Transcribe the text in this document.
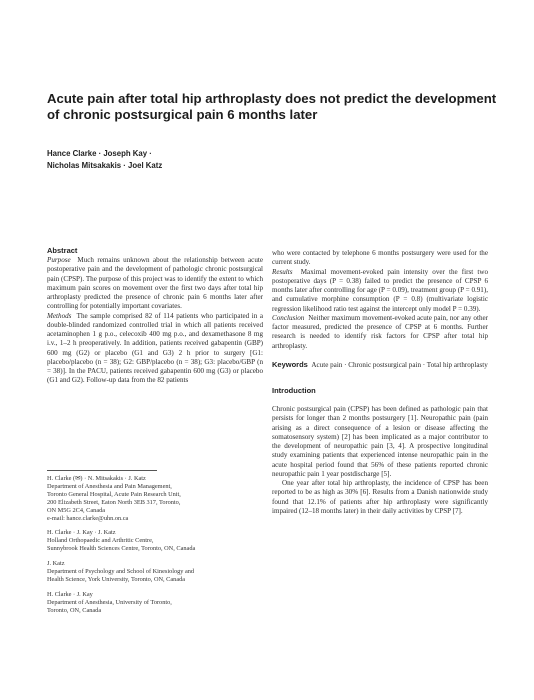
Acute pain after total hip arthroplasty does not predict the development of chronic postsurgical pain 6 months later
Hance Clarke · Joseph Kay ·
Nicholas Mitsakakis · Joel Katz
Abstract

Purpose Much remains unknown about the relationship between acute postoperative pain and the development of pathologic chronic postsurgical pain (CPSP). The purpose of this project was to identify the extent to which maximum pain scores on movement over the first two days after total hip arthroplasty predicted the presence of chronic pain 6 months later after controlling for potentially important covariates.

Methods The sample comprised 82 of 114 patients who participated in a double-blinded randomized controlled trial in which all patients received acetaminophen 1 g p.o., celecoxib 400 mg p.o., and dexamethasone 8 mg i.v., 1–2 h preoperatively. In addition, patients received gabapentin (GBP) 600 mg (G2) or placebo (G1 and G3) 2 h prior to surgery [G1: placebo/placebo (n = 38); G2: GBP/placebo (n = 38); G3: placebo/GBP (n = 38)]. In the PACU, patients received gabapentin 600 mg (G3) or placebo (G1 and G2). Follow-up data from the 82 patients

H. Clarke (✉) · N. Mitsakakis · J. Katz
Department of Anesthesia and Pain Management,
Toronto General Hospital, Acute Pain Research Unit,
200 Elizabeth Street, Eaton North 3EB 317, Toronto,
ON M5G 2C4, Canada
e-mail: hance.clarke@uhn.on.ca

H. Clarke · J. Kay · J. Katz
Holland Orthopaedic and Arthritic Centre,
Sunnybrook Health Sciences Centre, Toronto, ON, Canada

J. Katz
Department of Psychology and School of Kinesiology and
Health Science, York University, Toronto, ON, Canada

H. Clarke · J. Kay
Department of Anesthesia, University of Toronto,
Toronto, ON, Canada

who were contacted by telephone 6 months postsurgery were used for the current study.

Results Maximal movement-evoked pain intensity over the first two postoperative days (P = 0.38) failed to predict the presence of CPSP 6 months later after controlling for age (P = 0.09), treatment group (P = 0.91), and cumulative morphine consumption (P = 0.8) (multivariate logistic regression likelihood ratio test against the intercept only model P = 0.39).

Conclusion Neither maximum movement-evoked acute pain, nor any other factor measured, predicted the presence of CPSP at 6 months. Further research is needed to identify risk factors for CPSP after total hip arthroplasty.

Keywords Acute pain · Chronic postsurgical pain · Total hip arthroplasty

Introduction

Chronic postsurgical pain (CPSP) has been defined as pathologic pain that persists for longer than 2 months postsurgery [1]. Neuropathic pain (pain arising as a direct consequence of a lesion or disease affecting the somatosensory system) [2] has been implicated as a major contributor to the development of neuropathic pain [3, 4]. A prospective longitudinal study examining patients that experienced intense neuropathic pain in the acute hospital period found that 56% of these patients reported chronic neuropathic pain 1 year postdischarge [5].

One year after total hip arthroplasty, the incidence of CPSP has been reported to be as high as 30% [6]. Results from a Danish nationwide study found that 12.1% of patients after hip arthroplasty were significantly impaired (12–18 months later) in their daily activities by CPSP [7].
